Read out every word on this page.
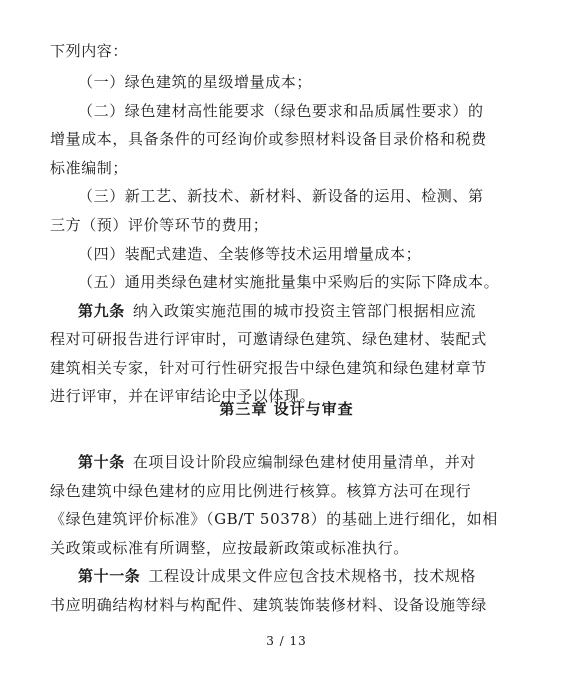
下列内容：
（一）绿色建筑的星级增量成本；
（二）绿色建材高性能要求（绿色要求和品质属性要求）的
增量成本，具备条件的可经询价或参照材料设备目录价格和税费
标准编制；
（三）新工艺、新技术、新材料、新设备的运用、检测、第
三方（预）评价等环节的费用；
（四）装配式建造、全装修等技术运用增量成本；
（五）通用类绿色建材实施批量集中采购后的实际下降成本。
第九条 纳入政策实施范围的城市投资主管部门根据相应流
程对可研报告进行评审时，可邀请绿色建筑、绿色建材、装配式
建筑相关专家，针对可行性研究报告中绿色建筑和绿色建材章节
进行评审，并在评审结论中予以体现。
第三章 设计与审查
第十条 在项目设计阶段应编制绿色建材使用量清单，并对
绿色建筑中绿色建材的应用比例进行核算。核算方法可在现行
《绿色建筑评价标准》（GB/T 50378）的基础上进行细化，如相
关政策或标准有所调整，应按最新政策或标准执行。
第十一条 工程设计成果文件应包含技术规格书，技术规格
书应明确结构材料与构配件、建筑装饰装修材料、设备设施等绿
3 / 13
